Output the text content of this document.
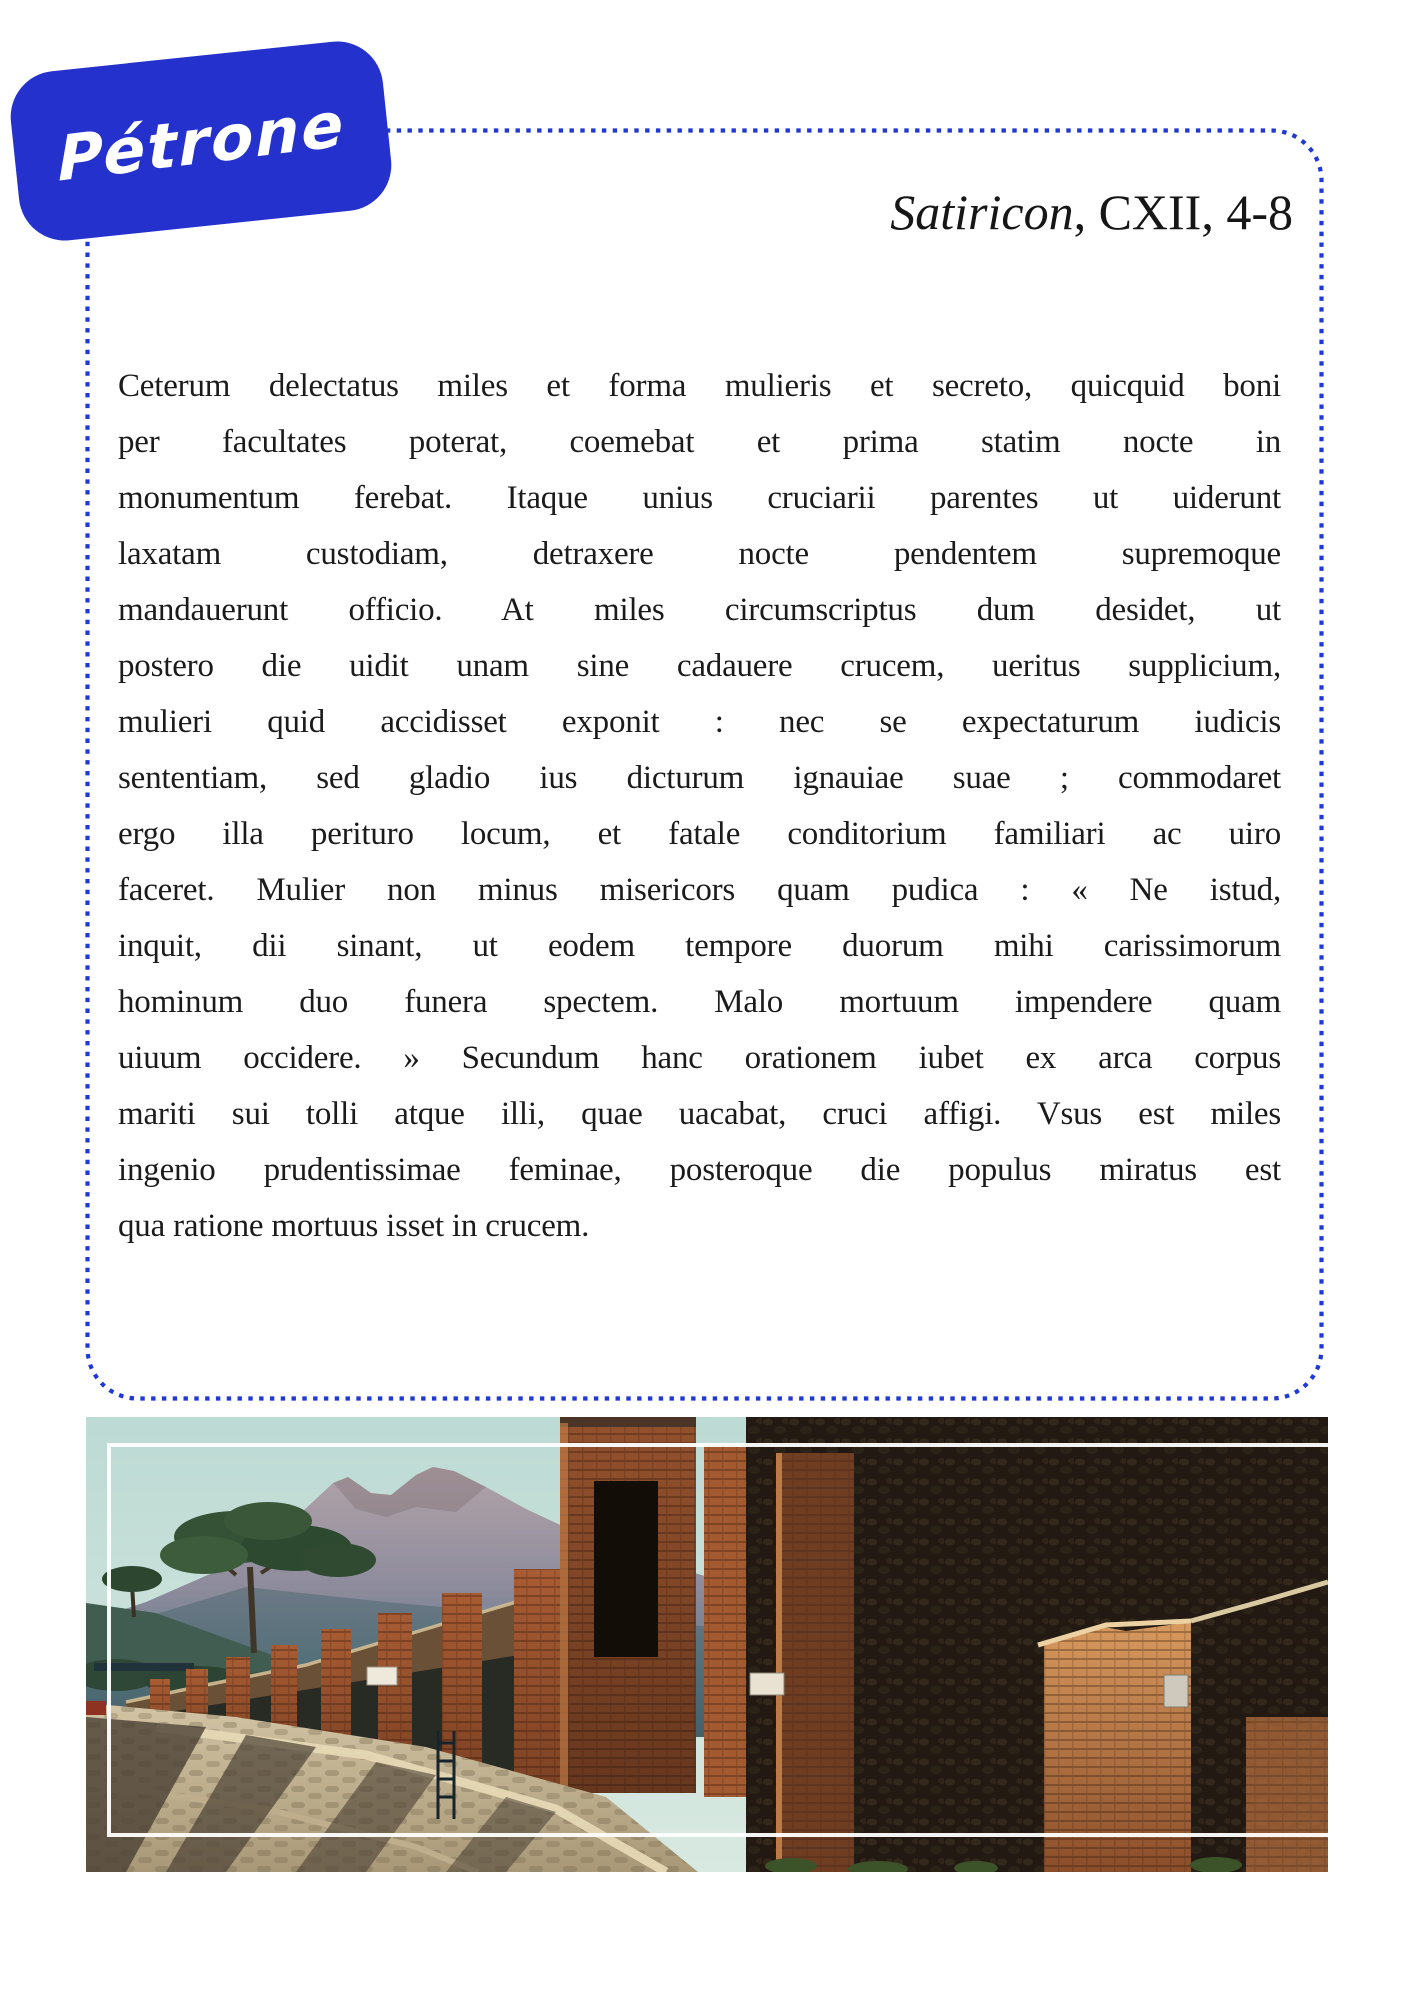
Pétrone
Satiricon, CXII, 4-8
Ceterum delectatus miles et forma mulieris et secreto, quicquid boni
per facultates poterat, coemebat et prima statim nocte in
monumentum ferebat. Itaque unius cruciarii parentes ut uiderunt
laxatam custodiam, detraxere nocte pendentem supremoque
mandauerunt officio. At miles circumscriptus dum desidet, ut
postero die uidit unam sine cadauere crucem, ueritus supplicium,
mulieri quid accidisset exponit : nec se expectaturum iudicis
sententiam, sed gladio ius dicturum ignauiae suae ; commodaret
ergo illa perituro locum, et fatale conditorium familiari ac uiro
faceret. Mulier non minus misericors quam pudica : « Ne istud,
inquit, dii sinant, ut eodem tempore duorum mihi carissimorum
hominum duo funera spectem. Malo mortuum impendere quam
uiuum occidere. » Secundum hanc orationem iubet ex arca corpus
mariti sui tolli atque illi, quae uacabat, cruci affigi. Vsus est miles
ingenio prudentissimae feminae, posteroque die populus miratus est
qua ratione mortuus isset in crucem.
